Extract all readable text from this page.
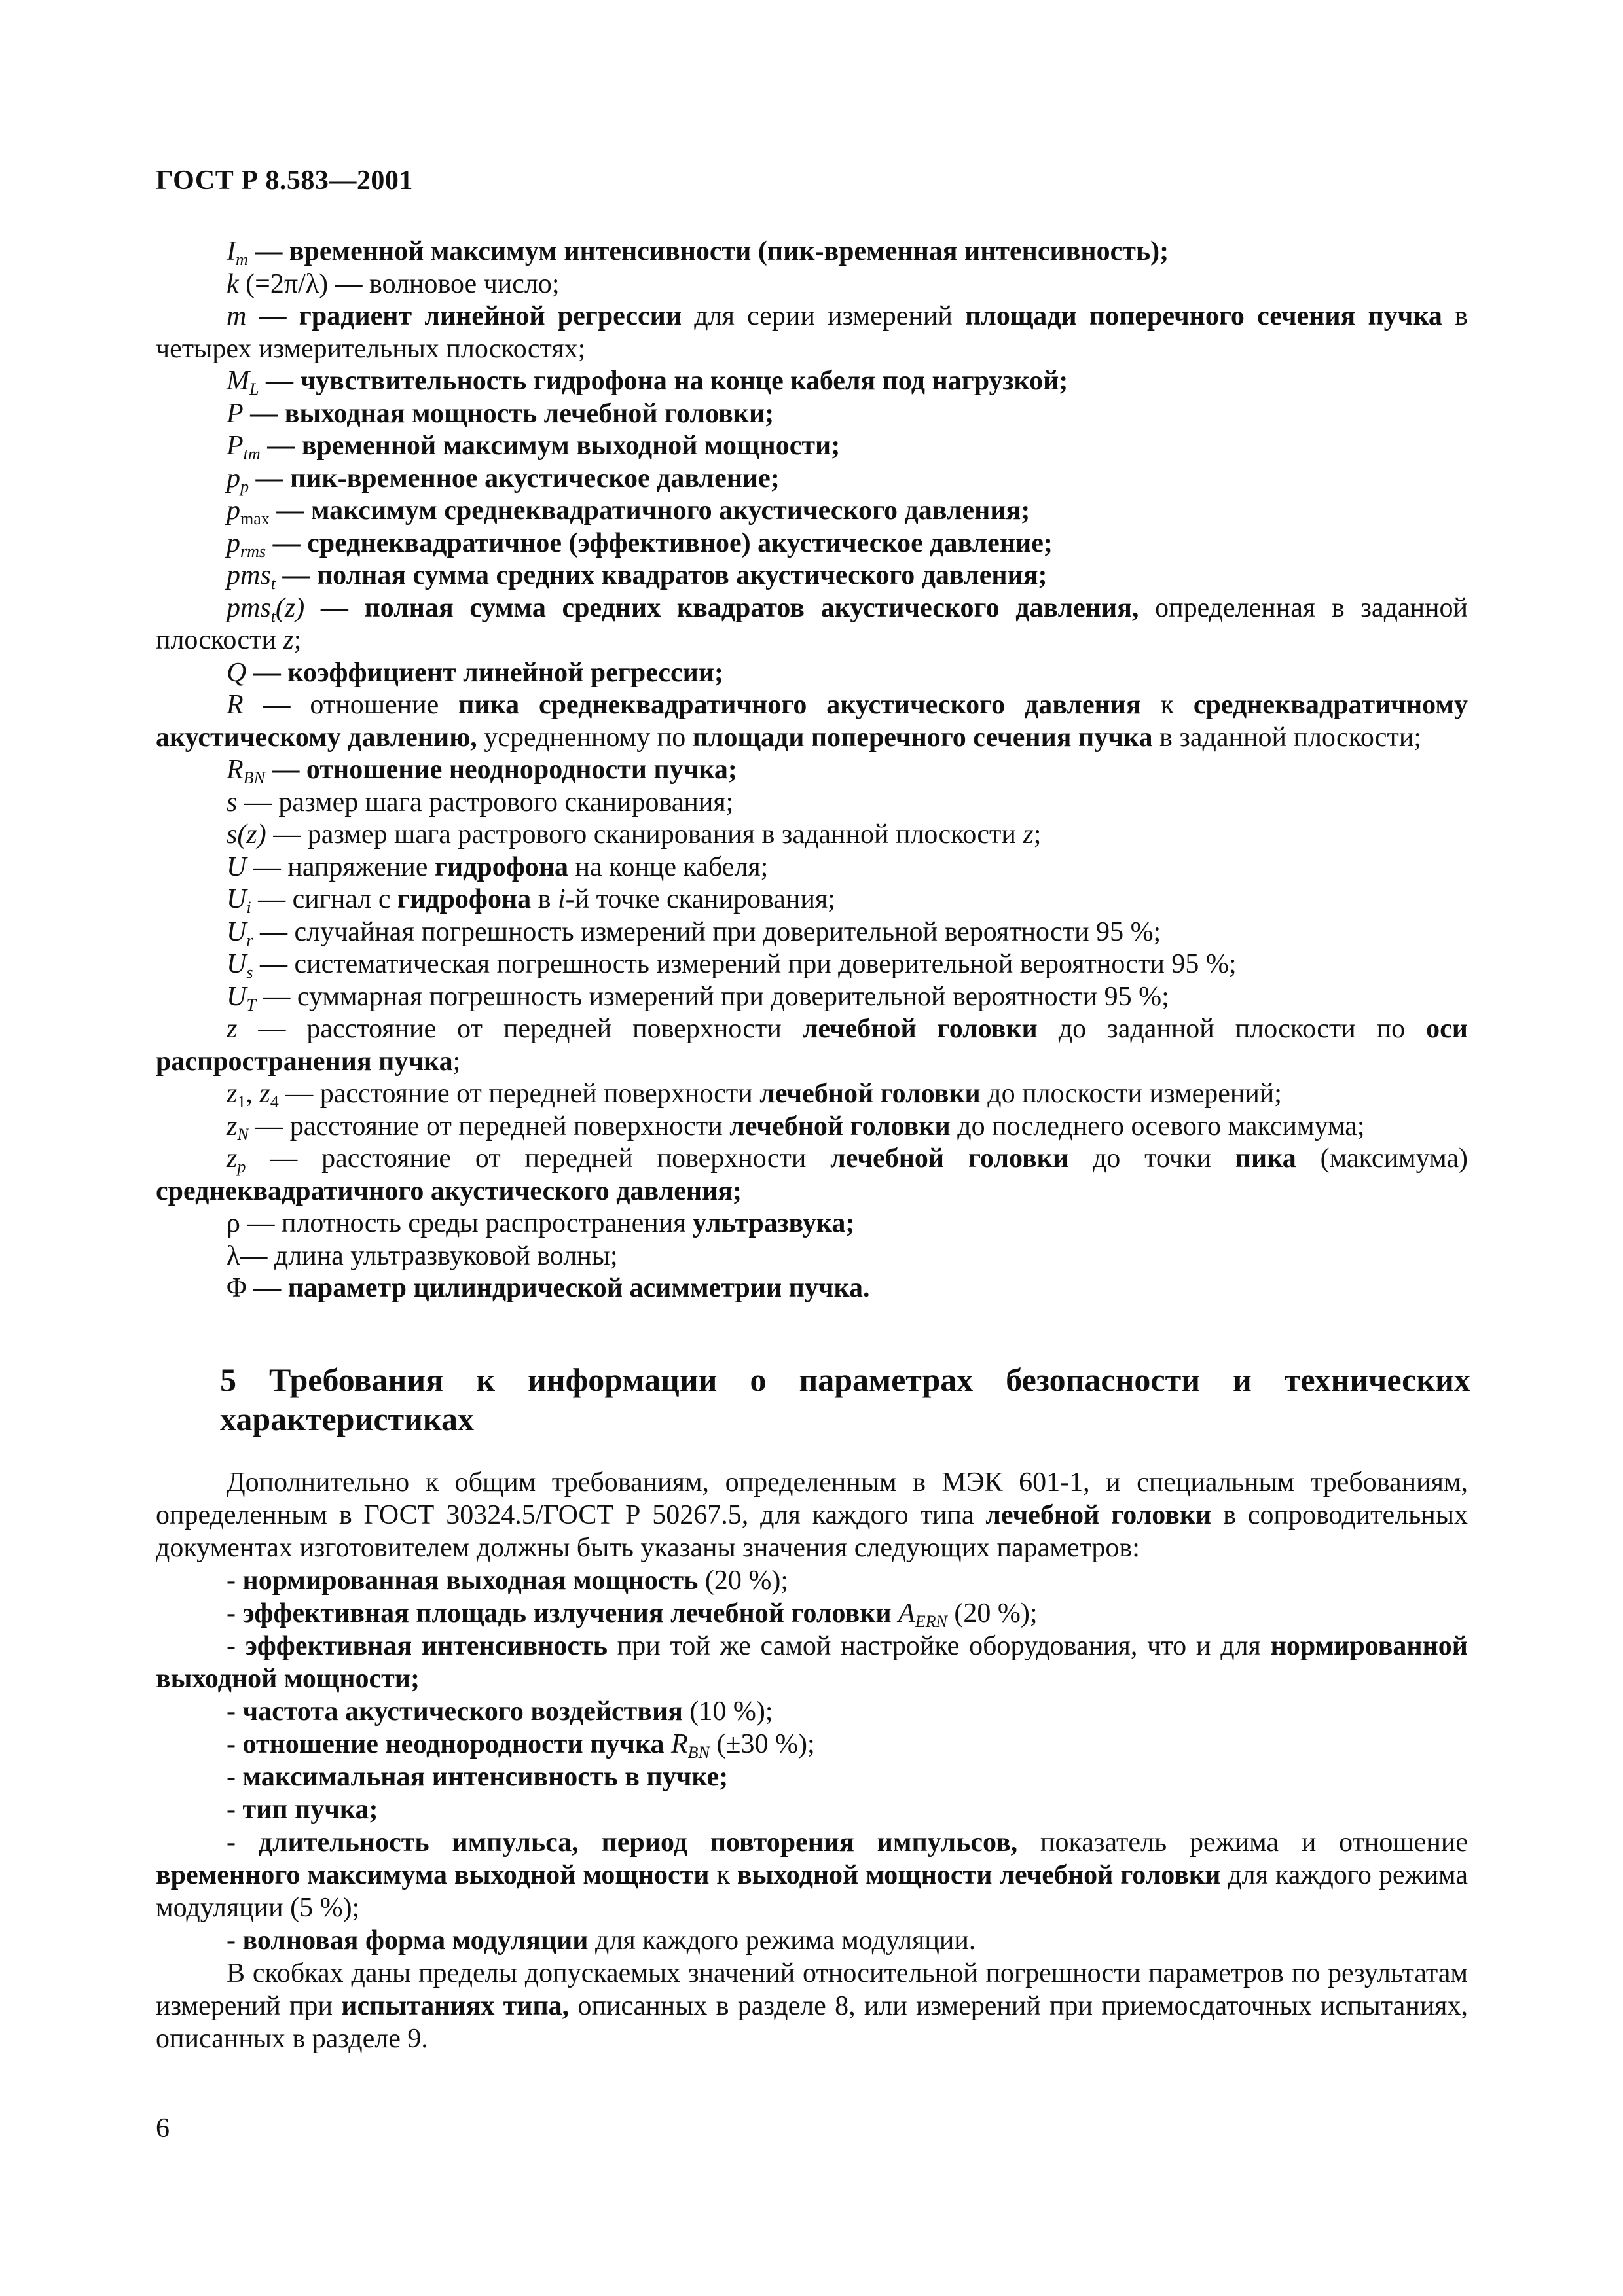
ГОСТ Р 8.583—2001

$I_m$ — временной максимум интенсивности (пик-временная интенсивность);

k (=2π/λ) — волновое число;

m — градиент линейной регрессии для серии измерений площади поперечного сечения пучка в четырех измерительных плоскостях;

$M_L$ — чувствительность гидрофона на конце кабеля под нагрузкой;

P — выходная мощность лечебной головки;

$P_{tm}$ — временной максимум выходной мощности;

$p_p$ — пик-временное акустическое давление;

$p_{max}$ — максимум среднеквадратичного акустического давления;

$p_{rms}$ — среднеквадратичное (эффективное) акустическое давление;

pms$_t$ — полная сумма средних квадратов акустического давления;

pms$_t$(z) — полная сумма средних квадратов акустического давления, определенная в заданной плоскости z;

Q — коэффициент линейной регрессии;

R — отношение пика среднеквадратичного акустического давления к среднеквадратичному акустическому давлению, усредненному по площади поперечного сечения пучка в заданной плоскости;

$R_{BN}$ — отношение неоднородности пучка;

s — размер шага растрового сканирования;

s(z) — размер шага растрового сканирования в заданной плоскости z;

U — напряжение гидрофона на конце кабеля;

$U_i$ — сигнал с гидрофона в i-й точке сканирования;

$U_r$ — случайная погрешность измерений при доверительной вероятности 95 %;

$U_s$ — систематическая погрешность измерений при доверительной вероятности 95 %;

$U_T$ — суммарная погрешность измерений при доверительной вероятности 95 %;

z — расстояние от передней поверхности лечебной головки до заданной плоскости по оси распространения пучка;

$z_1$, $z_4$ — расстояние от передней поверхности лечебной головки до плоскости измерений;

$z_N$ — расстояние от передней поверхности лечебной головки до последнего осевого максимума;

$z_p$ — расстояние от передней поверхности лечебной головки до точки пика (максимума) среднеквадратичного акустического давления;

ρ — плотность среды распространения ультразвука;

λ— длина ультразвуковой волны;

Φ — параметр цилиндрической асимметрии пучка.

5 Требования к информации о параметрах безопасности и технических характеристиках

Дополнительно к общим требованиям, определенным в МЭК 601-1, и специальным требованиям, определенным в ГОСТ 30324.5/ГОСТ Р 50267.5, для каждого типа лечебной головки в сопроводительных документах изготовителем должны быть указаны значения следующих параметров:

- нормированная выходная мощность (20 %);

- эффективная площадь излучения лечебной головки $A_{ERN}$ (20 %);

- эффективная интенсивность при той же самой настройке оборудования, что и для нормированной выходной мощности;

- частота акустического воздействия (10 %);

- отношение неоднородности пучка $R_{BN}$ (±30 %);

- максимальная интенсивность в пучке;

- тип пучка;

- длительность импульса, период повторения импульсов, показатель режима и отношение временного максимума выходной мощности к выходной мощности лечебной головки для каждого режима модуляции (5 %);

- волновая форма модуляции для каждого режима модуляции.

В скобках даны пределы допускаемых значений относительной погрешности параметров по результатам измерений при испытаниях типа, описанных в разделе 8, или измерений при приемосдаточных испытаниях, описанных в разделе 9.

6
